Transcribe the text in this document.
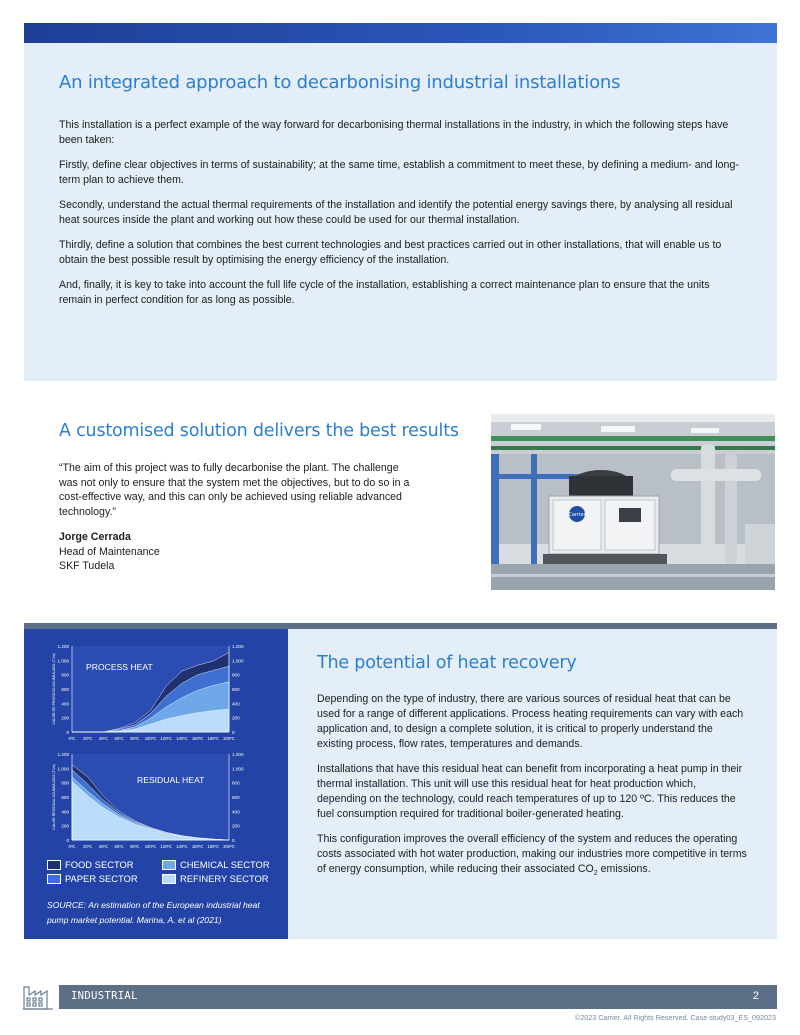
An integrated approach to decarbonising industrial installations

This installation is a perfect example of the way forward for decarbonising thermal installations in the industry, in which the following steps have been taken:

Firstly, define clear objectives in terms of sustainability; at the same time, establish a commitment to meet these, by defining a medium- and long-term plan to achieve them.

Secondly, understand the actual thermal requirements of the installation and identify the potential energy savings there, by analysing all residual heat sources inside the plant and working out how these could be used for our thermal installation.

Thirdly, define a solution that combines the best current technologies and best practices carried out in other installations, that will enable us to obtain the best possible result by optimising the energy efficiency of the installation.

And, finally, it is key to take into account the full life cycle of the installation, establishing a correct maintenance plan to ensure that the units remain in perfect condition for as long as possible.

A customised solution delivers the best results

“The aim of this project was to fully decarbonise the plant. The challenge was not only to ensure that the system met the objectives, but to do so in a cost-effective way, and this can only be achieved using reliable advanced technology.”

Jorge Cerrada
Head of Maintenance
SKF Tudela
Carrier
0	0
200	200
400	400
600	600
800	800
1.000	1.000
1.200	1.200
0ºC 20ºC 40ºC 60ºC 80ºC 100ºC 120ºC 140ºC 160ºC 180ºC 200ºC
CALOR DE PROCESO ACUMULADO (TJ/a)	PROCESS HEAT
0	0
200	200
400	400
600	600
800	800
1.000	1.000
1.200	1.200
0ºC 20ºC 40ºC 60ºC 80ºC 100ºC 120ºC 140ºC 160ºC 180ºC 200ºC
CALOR RESIDUAL ACUMULADO (TJ/a)	RESIDUAL HEAT
FOOD SECTOR	CHEMICAL SECTOR
PAPER SECTOR	REFINERY SECTOR
SOURCE: An estimation of the European industrial heat pump market potential. Marina, A. et al (2021)
The potential of heat recovery

Depending on the type of industry, there are various sources of residual heat that can be used for a range of different applications. Process heating requirements can vary with each application and, to design a complete solution, it is critical to properly understand the existing process, flow rates, temperatures and demands.

Installations that have this residual heat can benefit from incorporating a heat pump in their thermal installation. This unit will use this residual heat for heat production which, depending on the technology, could reach temperatures of up to 120 ºC. This reduces the fuel consumption required for traditional boiler-generated heating.

This configuration improves the overall efficiency of the system and reduces the operating costs associated with hot water production, making our industries more competitive in terms of energy consumption, while reducing their associated $CO_2$ emissions.

INDUSTRIAL	2
©2023 Carrier. All Rights Reserved. Case study03_ES_092023
